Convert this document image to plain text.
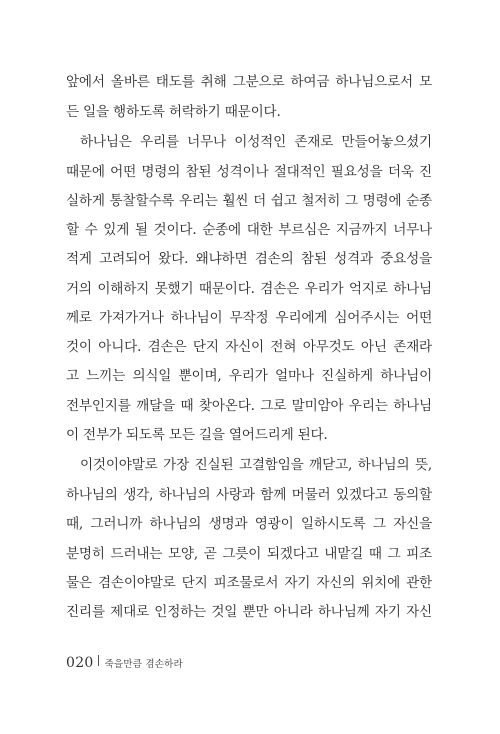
앞에서 올바른 태도를 취해 그분으로 하여금 하나님으로서 모
든 일을 행하도록 허락하기 때문이다.
하나님은 우리를 너무나 이성적인 존재로 만들어놓으셨기
때문에 어떤 명령의 참된 성격이나 절대적인 필요성을 더욱 진
실하게 통찰할수록 우리는 훨씬 더 쉽고 철저히 그 명령에 순종
할 수 있게 될 것이다. 순종에 대한 부르심은 지금까지 너무나
적게 고려되어 왔다. 왜냐하면 겸손의 참된 성격과 중요성을
거의 이해하지 못했기 때문이다. 겸손은 우리가 억지로 하나님
께로 가져가거나 하나님이 무작정 우리에게 심어주시는 어떤
것이 아니다. 겸손은 단지 자신이 전혀 아무것도 아닌 존재라
고 느끼는 의식일 뿐이며, 우리가 얼마나 진실하게 하나님이
전부인지를 깨달을 때 찾아온다. 그로 말미암아 우리는 하나님
이 전부가 되도록 모든 길을 열어드리게 된다.
이것이야말로 가장 진실된 고결함임을 깨닫고, 하나님의 뜻,
하나님의 생각, 하나님의 사랑과 함께 머물러 있겠다고 동의할
때, 그러니까 하나님의 생명과 영광이 일하시도록 그 자신을
분명히 드러내는 모양, 곧 그릇이 되겠다고 내맡길 때 그 피조
물은 겸손이야말로 단지 피조물로서 자기 자신의 위치에 관한
진리를 제대로 인정하는 것일 뿐만 아니라 하나님께 자기 자신
020 죽을만큼 겸손하라
